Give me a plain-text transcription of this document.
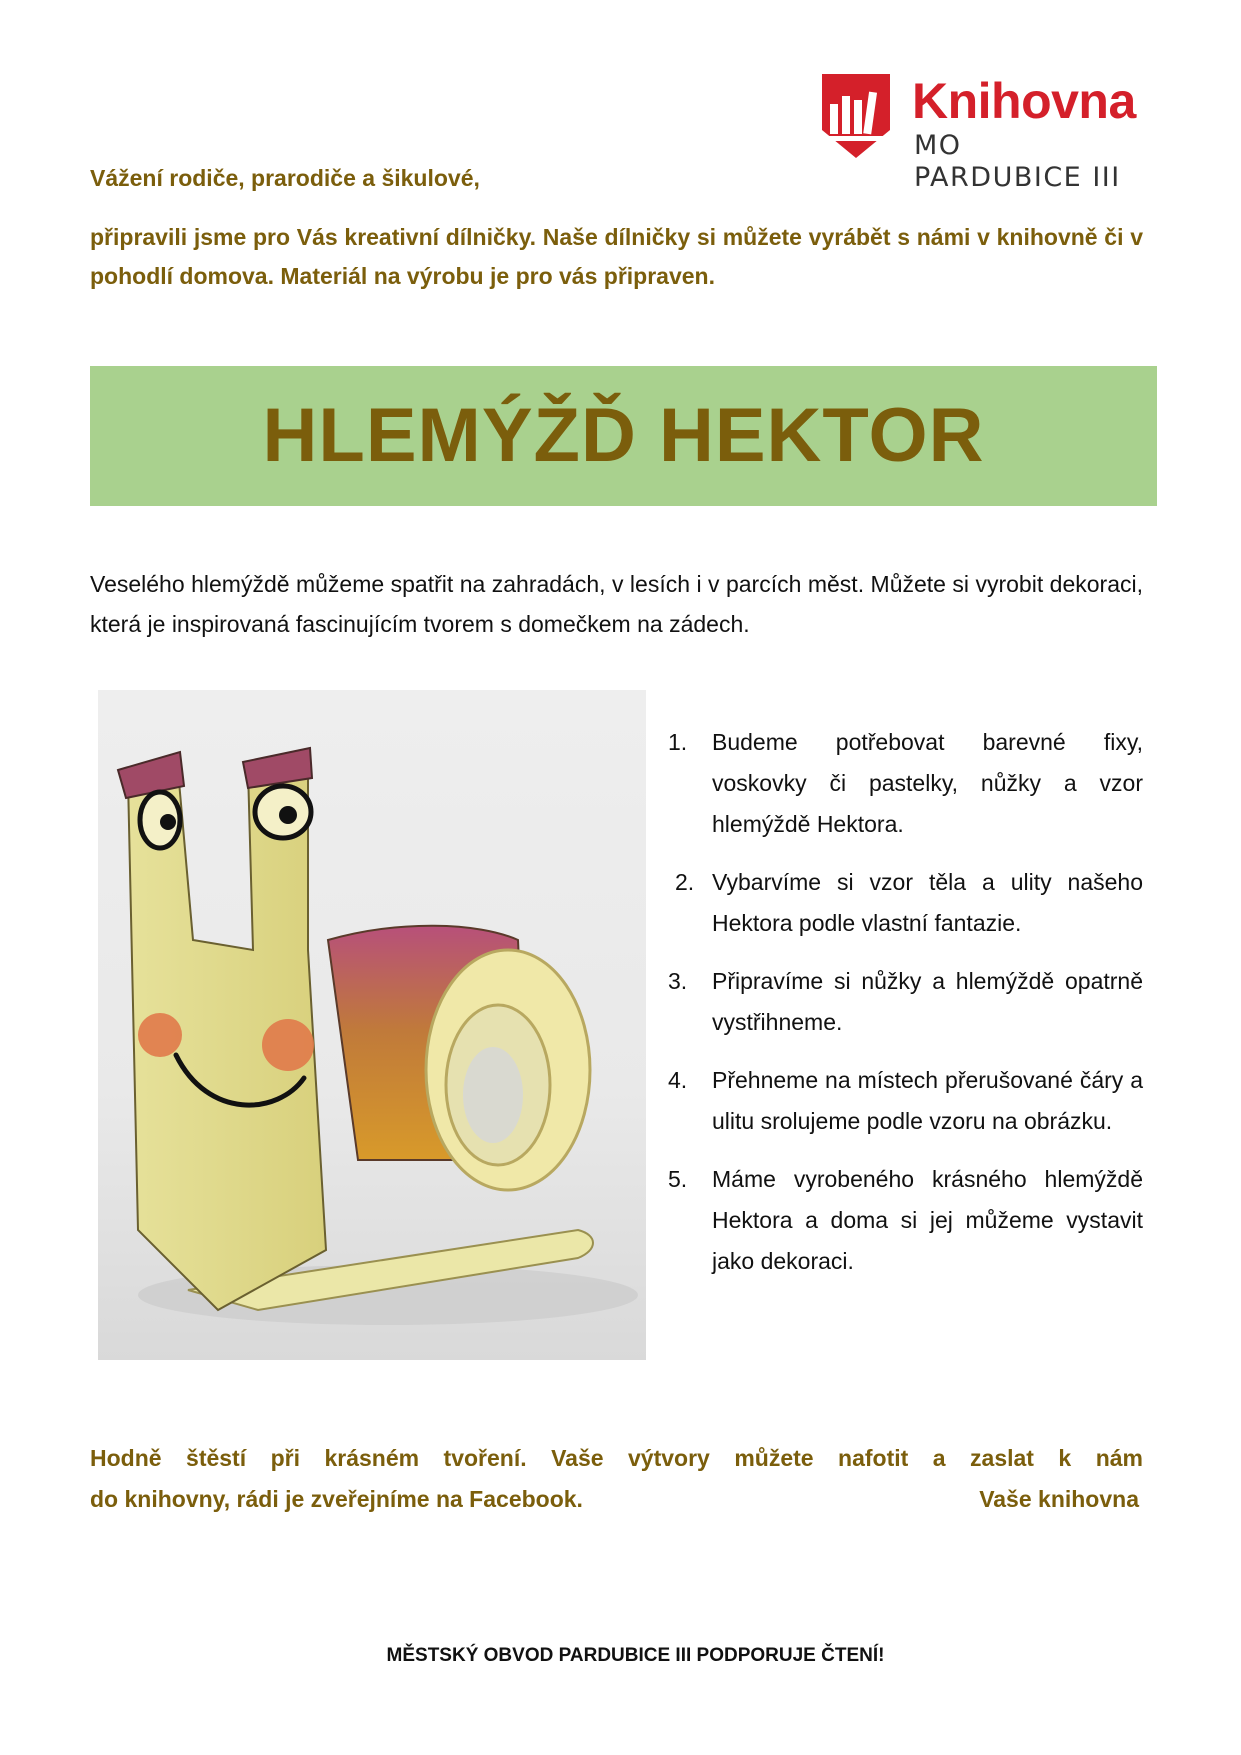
Knihovna
MO PARDUBICE III

Vážení rodiče, prarodiče a šikulové,

připravili jsme pro Vás kreativní dílničky. Naše dílničky si můžete vyrábět s námi v knihovně či v pohodlí domova. Materiál na výrobu je pro vás připraven.

HLEMÝŽĎ HEKTOR

Veselého hlemýždě můžeme spatřit na zahradách, v lesích i v parcích měst. Můžete si vyrobit dekoraci, která je inspirovaná fascinujícím tvorem s domečkem na zádech.

1. Budeme potřebovat barevné fixy, voskovky či pastelky, nůžky a vzor hlemýždě Hektora.
2. Vybarvíme si vzor těla a ulity našeho Hektora podle vlastní fantazie.
3. Připravíme si nůžky a hlemýždě opatrně vystřihneme.
4. Přehneme na místech přerušované čáry a ulitu srolujeme podle vzoru na obrázku.
5. Máme vyrobeného krásného hlemýždě Hektora a doma si jej můžeme vystavit jako dekoraci.
Hodně štěstí při krásném tvoření. Vaše výtvory můžete nafotit a zaslat k nám
do knihovny, rádi je zveřejníme na Facebook.	Vaše knihovna
MĚSTSKÝ OBVOD PARDUBICE III PODPORUJE ČTENÍ!
